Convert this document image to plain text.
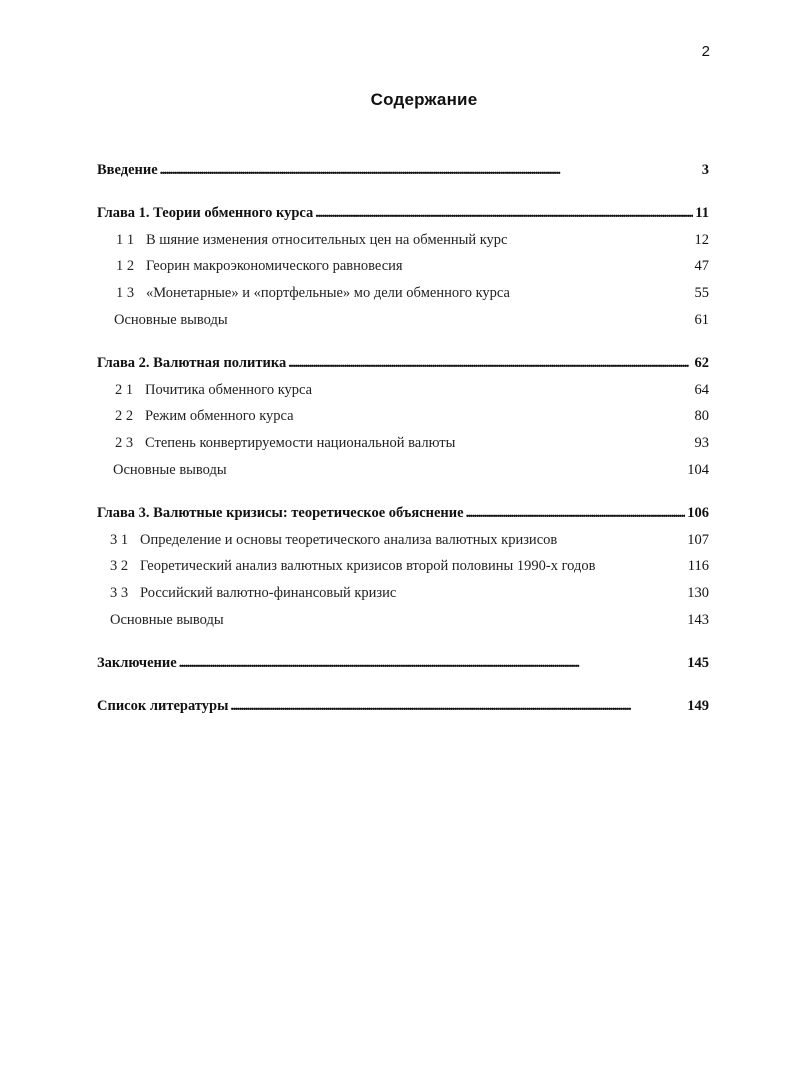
2
Содержание
Введение . . .	3
Глава 1. Теории обменного курса . . .	11
1 1 В шяние изменения относительных цен на обменный курс	12
1 2 Георин макроэкономического равновесия	47
1 3 «Монетарные» и «портфельные» мо дели обменного курса	55
Основные выводы	61
Глава 2. Валютная политика . . .	62
2 1 Почитика обменного курса	64
2 2 Режим обменного курса	80
2 3 Степень конвертируемости национальной валюты	93
Основные выводы	104
Глава 3. Валютные кризисы: теоретическое объяснение . . .	106
3 1 Определение и основы теоретического анализа валютных кризисов	107
3 2 Георетический анализ валютных кризисов второй половины 1990-х годов	116
3 3 Российский валютно-финансовый кризис	130
Основные выводы	143
Заключение . . .	145
Список литературы . . .	149
